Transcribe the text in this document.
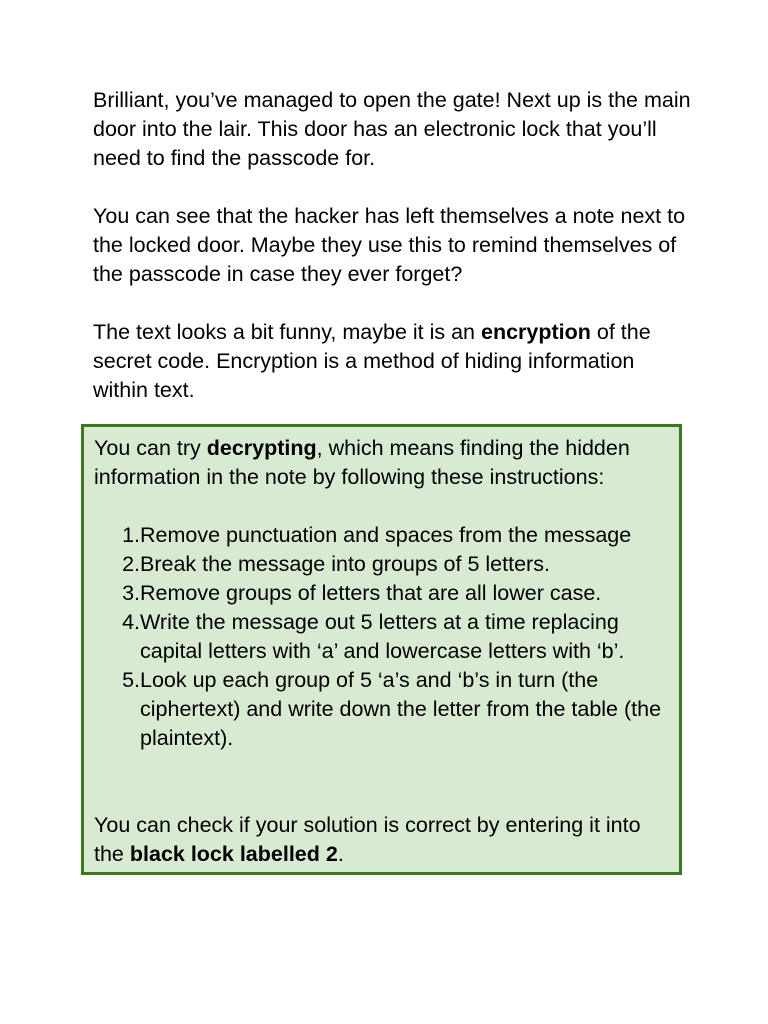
Brilliant, you’ve managed to open the gate! Next up is the main door into the lair. This door has an electronic lock that you’ll need to find the passcode for.

You can see that the hacker has left themselves a note next to the locked door. Maybe they use this to remind themselves of the passcode in case they ever forget?

The text looks a bit funny, maybe it is an encryption of the secret code. Encryption is a method of hiding information within text.

You can try decrypting, which means finding the hidden information in the note by following these instructions:

1. Remove punctuation and spaces from the message
2. Break the message into groups of 5 letters.
3. Remove groups of letters that are all lower case.
4. Write the message out 5 letters at a time replacing capital letters with ‘a’ and lowercase letters with ‘b’.
5. Look up each group of 5 ‘a’s and ‘b’s in turn (the ciphertext) and write down the letter from the table (the plaintext).

You can check if your solution is correct by entering it into the black lock labelled 2.
